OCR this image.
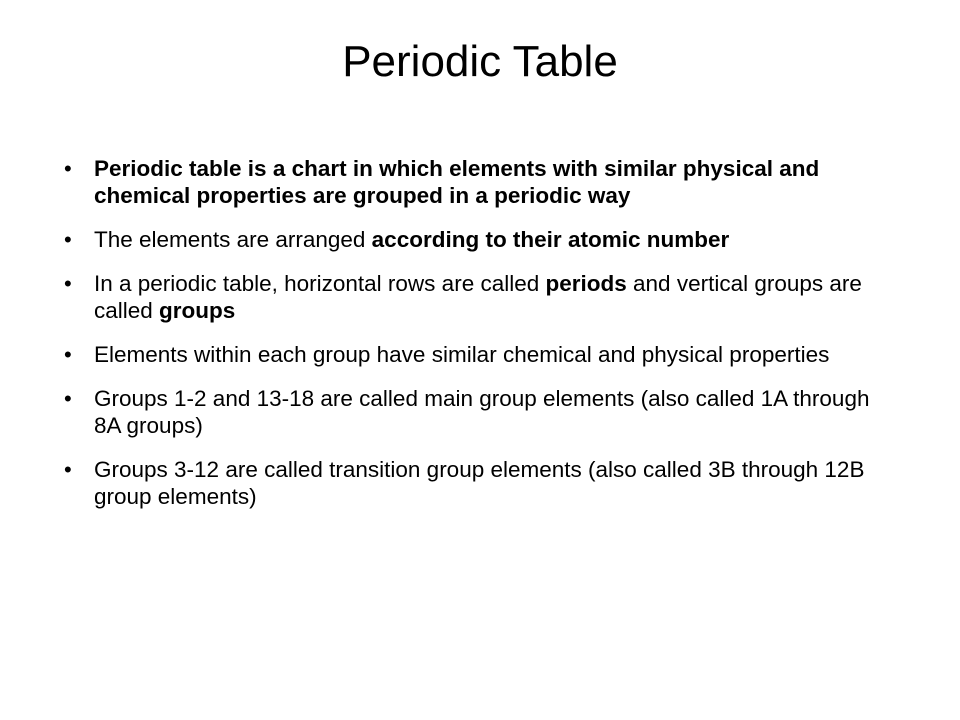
Periodic Table
• Periodic table is a chart in which elements with similar physical and chemical properties are grouped in a periodic way
• The elements are arranged according to their atomic number
• In a periodic table, horizontal rows are called periods and vertical groups are called groups
• Elements within each group have similar chemical and physical properties
• Groups 1-2 and 13-18 are called main group elements (also called 1A through 8A groups)
• Groups 3-12 are called transition group elements (also called 3B through 12B group elements)
